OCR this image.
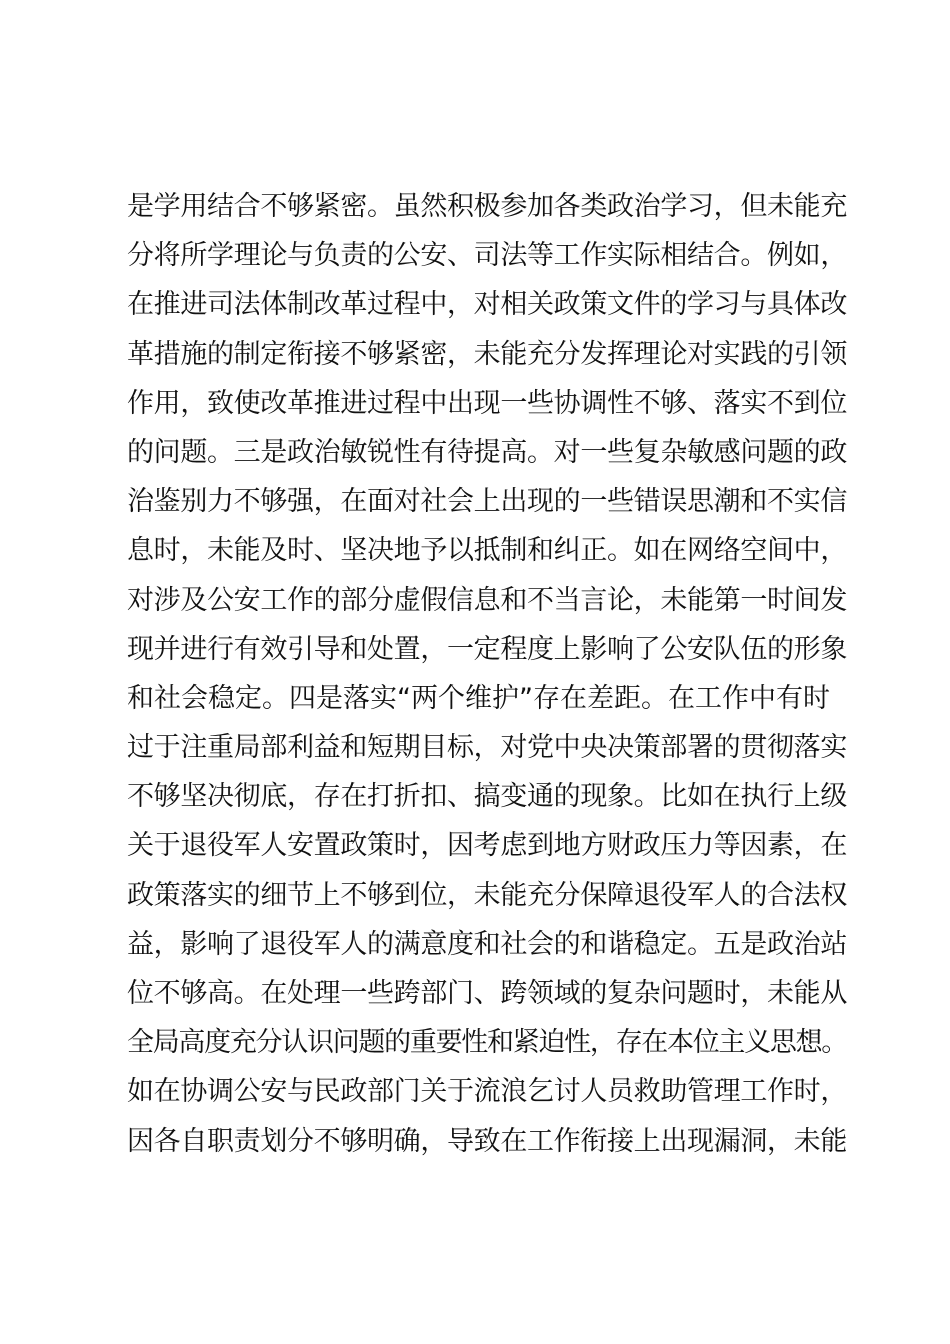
是学用结合不够紧密。虽然积极参加各类政治学习，但未能充
分将所学理论与负责的公安、司法等工作实际相结合。例如，
在推进司法体制改革过程中，对相关政策文件的学习与具体改
革措施的制定衔接不够紧密，未能充分发挥理论对实践的引领
作用，致使改革推进过程中出现一些协调性不够、落实不到位
的问题。三是政治敏锐性有待提高。对一些复杂敏感问题的政
治鉴别力不够强，在面对社会上出现的一些错误思潮和不实信
息时，未能及时、坚决地予以抵制和纠正。如在网络空间中，
对涉及公安工作的部分虚假信息和不当言论，未能第一时间发
现并进行有效引导和处置，一定程度上影响了公安队伍的形象
和社会稳定。四是落实“两个维护”存在差距。在工作中有时
过于注重局部利益和短期目标，对党中央决策部署的贯彻落实
不够坚决彻底，存在打折扣、搞变通的现象。比如在执行上级
关于退役军人安置政策时，因考虑到地方财政压力等因素，在
政策落实的细节上不够到位，未能充分保障退役军人的合法权
益，影响了退役军人的满意度和社会的和谐稳定。五是政治站
位不够高。在处理一些跨部门、跨领域的复杂问题时，未能从
全局高度充分认识问题的重要性和紧迫性，存在本位主义思想。
如在协调公安与民政部门关于流浪乞讨人员救助管理工作时，
因各自职责划分不够明确，导致在工作衔接上出现漏洞，未能
